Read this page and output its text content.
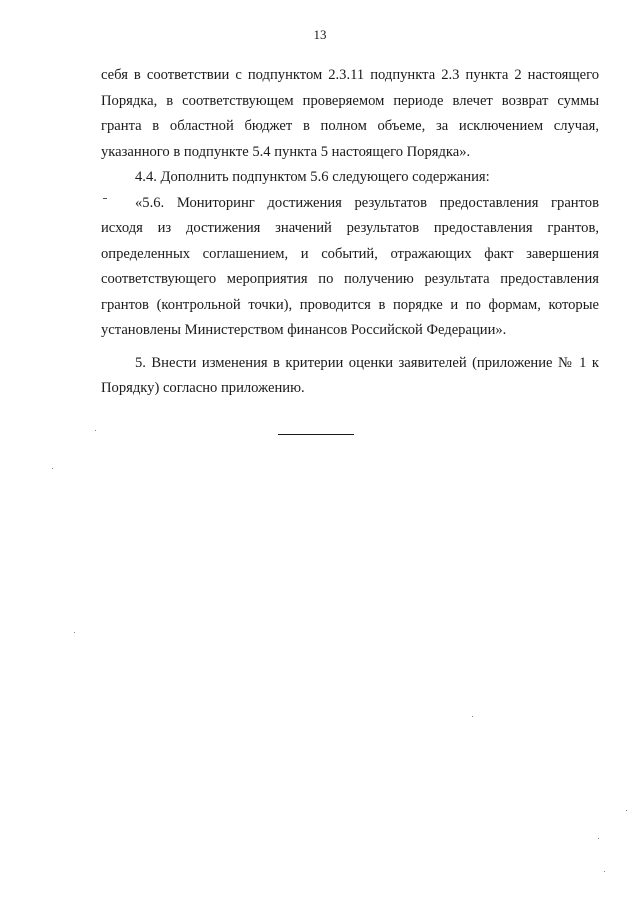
13

себя в соответствии с подпунктом 2.3.11 подпункта 2.3 пункта 2 настоящего Порядка, в соответствующем проверяемом периоде влечет возврат суммы гранта в областной бюджет в полном объеме, за исключением случая, указанного в подпункте 5.4 пункта 5 настоящего Порядка».

4.4. Дополнить подпунктом 5.6 следующего содержания:

«5.6. Мониторинг достижения результатов предоставления грантов исходя из достижения значений результатов предоставления грантов, определенных соглашением, и событий, отражающих факт завершения соответствующего мероприятия по получению результата предоставления грантов (контрольной точки), проводится в порядке и по формам, которые установлены Министерством финансов Российской Федерации».

5. Внести изменения в критерии оценки заявителей (приложение № 1 к Порядку) согласно приложению.
